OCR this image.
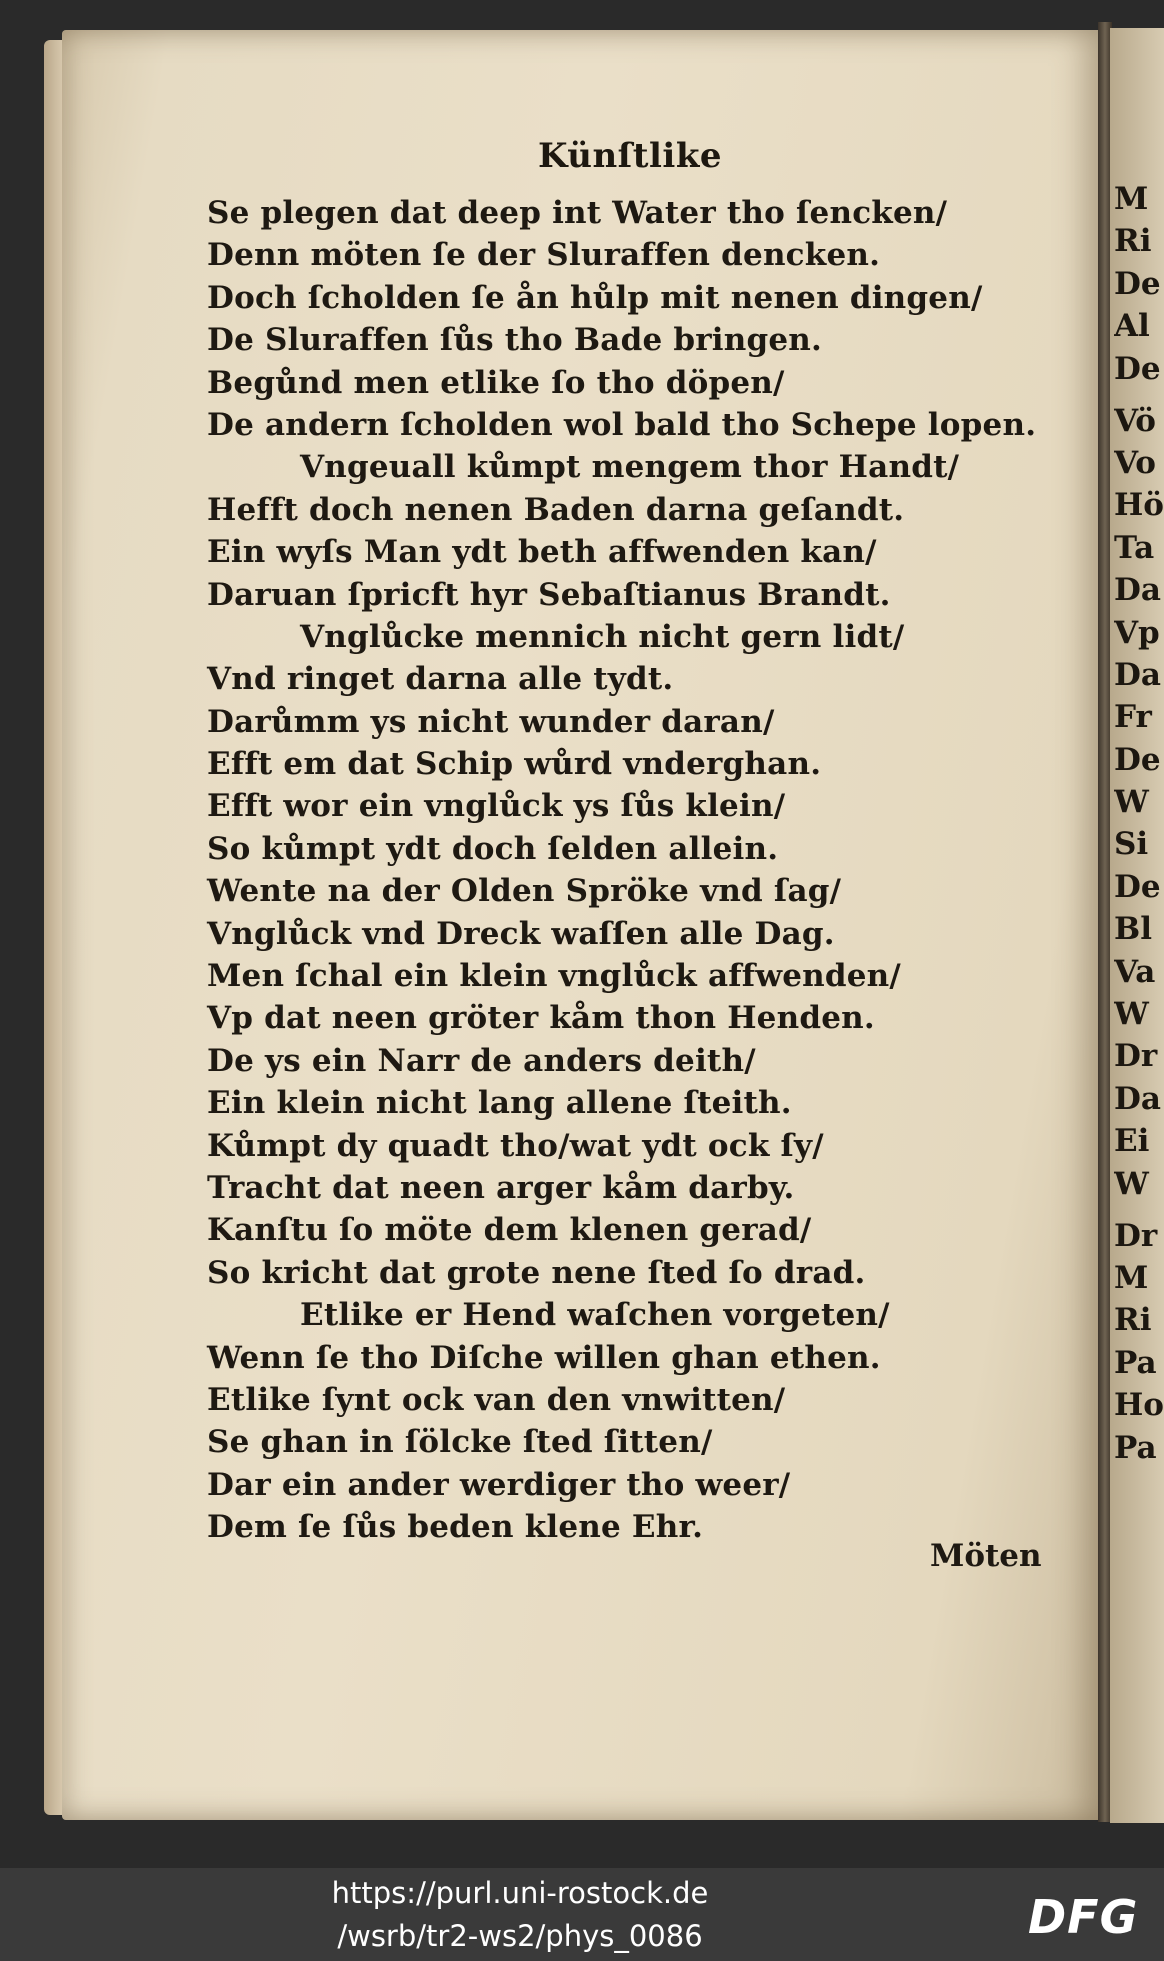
M
Ri
De
Al
De
Vö
Vo
Hö
Ta
Da
Vp
Da
Fr
De
W
Si
De
Bl
Va
W
Dr
Da
Ei
W
Dr
M
Ri
Pa
Ho
Pa
Künſtlike
Se plegen dat deep int Water tho ſencken/
Denn möten ſe der Sluraffen dencken.
Doch ſcholden ſe ån hůlp mit nenen dingen/
De Sluraffen ſůs tho Bade bringen.
Begůnd men etlike ſo tho döpen/
De andern ſcholden wol bald tho Schepe lopen.
Vngeuall kůmpt mengem thor Handt/
Hefft doch nenen Baden darna geſandt.
Ein wyſs Man ydt beth affwenden kan/
Daruan ſpricft hyr Sebaſtianus Brandt.
Vnglůcke mennich nicht gern lidt/
Vnd ringet darna alle tydt.
Darůmm ys nicht wunder daran/
Efft em dat Schip wůrd vnderghan.
Efft wor ein vnglůck ys ſůs klein/
So kůmpt ydt doch ſelden allein.
Wente na der Olden Spröke vnd ſag/
Vnglůck vnd Dreck waſſen alle Dag.
Men ſchal ein klein vnglůck affwenden/
Vp dat neen gröter kåm thon Henden.
De ys ein Narr de anders deith/
Ein klein nicht lang allene ſteith.
Kůmpt dy quadt tho/wat ydt ock ſy/
Tracht dat neen arger kåm darby.
Kanſtu ſo möte dem klenen gerad/
So kricht dat grote nene ſted ſo drad.
Etlike er Hend waſchen vorgeten/
Wenn ſe tho Diſche willen ghan ethen.
Etlike ſynt ock van den vnwitten/
Se ghan in ſölcke ſted ſitten/
Dar ein ander werdiger tho weer/
Dem ſe ſůs beden klene Ehr.
Möten
https://purl.uni-rostock.de
/wsrb/tr2-ws2/phys_0086	DFG
